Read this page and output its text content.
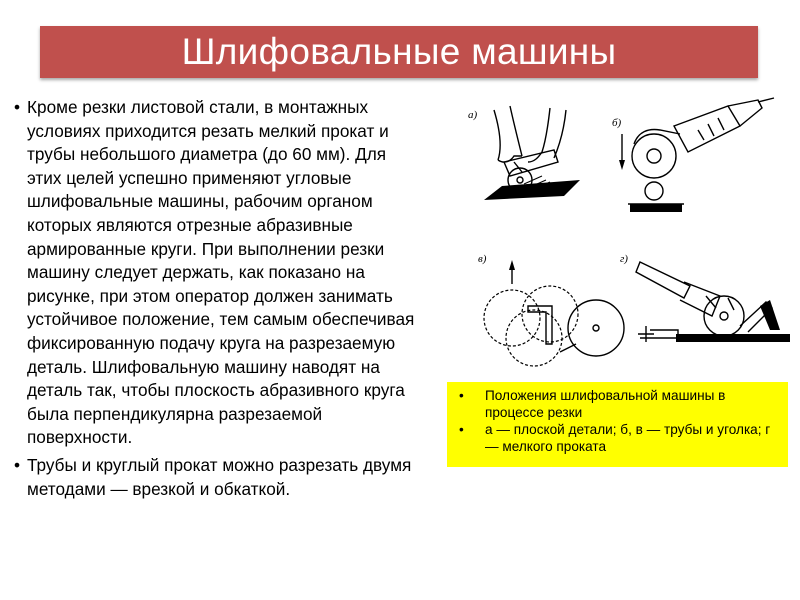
Шлифовальные машины
• Кроме резки листовой стали, в монтажных условиях приходится резать мелкий прокат и трубы небольшого диаметра (до 60 мм). Для этих целей успешно применяют угловые шлифовальные машины, рабочим органом которых являются отрезные абразивные армированные круги. При выполнении резки машину следует держать, как показано на рисунке, при этом оператор должен занимать устойчивое положение, тем самым обеспечивая фиксированную подачу круга на разрезаемую деталь. Шлифовальную машину наводят на деталь так, чтобы плоскость абразивного круга была перпендикулярна разрезаемой поверхности.
• Трубы и круглый прокат можно разрезать двумя методами — врезкой и обкаткой.
а)
б)
в)	г)
• Положения шлифовальной машины в процессе резки
• а — плоской детали; б, в — трубы и уголка; г — мелкого проката
